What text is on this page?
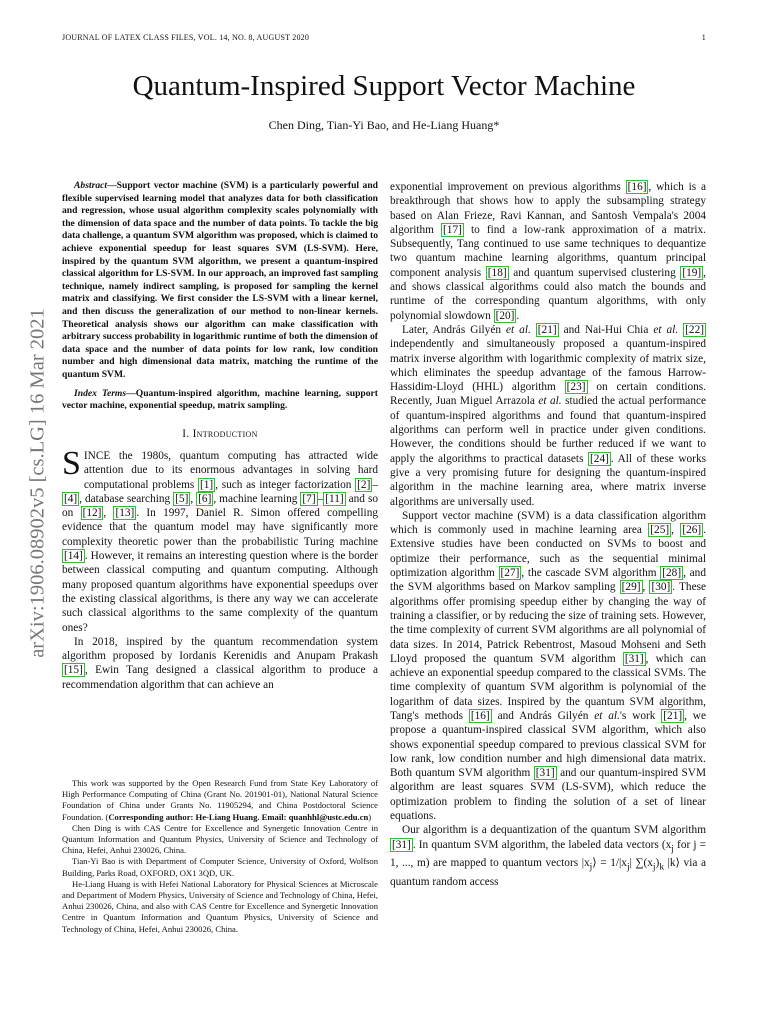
JOURNAL OF LATEX CLASS FILES, VOL. 14, NO. 8, AUGUST 2020	1
arXiv:1906.08902v5 [cs.LG] 16 Mar 2021
Quantum-Inspired Support Vector Machine
Chen Ding, Tian-Yi Bao, and He-Liang Huang*

Abstract—Support vector machine (SVM) is a particularly powerful and flexible supervised learning model that analyzes data for both classification and regression, whose usual algorithm complexity scales polynomially with the dimension of data space and the number of data points. To tackle the big data challenge, a quantum SVM algorithm was proposed, which is claimed to achieve exponential speedup for least squares SVM (LS-SVM). Here, inspired by the quantum SVM algorithm, we present a quantum-inspired classical algorithm for LS-SVM. In our approach, an improved fast sampling technique, namely indirect sampling, is proposed for sampling the kernel matrix and classifying. We first consider the LS-SVM with a linear kernel, and then discuss the generalization of our method to non-linear kernels. Theoretical analysis shows our algorithm can make classification with arbitrary success probability in logarithmic runtime of both the dimension of data space and the number of data points for low rank, low condition number and high dimensional data matrix, matching the runtime of the quantum SVM.

Index Terms—Quantum-inspired algorithm, machine learning, support vector machine, exponential speedup, matrix sampling.

I. Introduction

SINCE the 1980s, quantum computing has attracted wide attention due to its enormous advantages in solving hard computational problems [1] , such as integer factorization [2] –[4] , database searching [5] , [6] , machine learning [7] – [11] and so on [12] , [13] . In 1997, Daniel R. Simon offered compelling evidence that the quantum model may have significantly more complexity theoretic power than the probabilistic Turing machine [14] . However, it remains an interesting question where is the border between classical computing and quantum computing. Although many proposed quantum algorithms have exponential speedups over the existing classical algorithms, is there any way we can accelerate such classical algorithms to the same complexity of the quantum ones?

In 2018, inspired by the quantum recommendation system algorithm proposed by Iordanis Kerenidis and Anupam Prakash [15] , Ewin Tang designed a classical algorithm to produce a recommendation algorithm that can achieve an

This work was supported by the Open Research Fund from State Key Laboratory of High Performance Computing of China (Grant No. 201901-01), National Natural Science Foundation of China under Grants No. 11905294, and China Postdoctoral Science Foundation. (Corresponding author: He-Liang Huang. Email: quanhhl@ustc.edu.cn)

Chen Ding is with CAS Centre for Excellence and Synergetic Innovation Centre in Quantum Information and Quantum Physics, University of Science and Technology of China, Hefei, Anhui 230026, China.

Tian-Yi Bao is with Department of Computer Science, University of Oxford, Wolfson Building, Parks Road, OXFORD, OX1 3QD, UK.

He-Liang Huang is with Hefei National Laboratory for Physical Sciences at Microscale and Department of Modern Physics, University of Science and Technology of China, Hefei, Anhui 230026, China, and also with CAS Centre for Excellence and Synergetic Innovation Centre in Quantum Information and Quantum Physics, University of Science and Technology of China, Hefei, Anhui 230026, China.

exponential improvement on previous algorithms [16] , which is a breakthrough that shows how to apply the subsampling strategy based on Alan Frieze, Ravi Kannan, and Santosh Vempala's 2004 algorithm [17] to find a low-rank approximation of a matrix. Subsequently, Tang continued to use same techniques to dequantize two quantum machine learning algorithms, quantum principal component analysis [18] and quantum supervised clustering [19] , and shows classical algorithms could also match the bounds and runtime of the corresponding quantum algorithms, with only polynomial slowdown [20] .

Later, András Gilyén et al. [21] and Nai-Hui Chia et al. [22] independently and simultaneously proposed a quantum-inspired matrix inverse algorithm with logarithmic complexity of matrix size, which eliminates the speedup advantage of the famous Harrow-Hassidim-Lloyd (HHL) algorithm [23] on certain conditions. Recently, Juan Miguel Arrazola et al. studied the actual performance of quantum-inspired algorithms and found that quantum-inspired algorithms can perform well in practice under given conditions. However, the conditions should be further reduced if we want to apply the algorithms to practical datasets [24] . All of these works give a very promising future for designing the quantum-inspired algorithm in the machine learning area, where matrix inverse algorithms are universally used.

Support vector machine (SVM) is a data classification algorithm which is commonly used in machine learning area [25] , [26] . Extensive studies have been conducted on SVMs to boost and optimize their performance, such as the sequential minimal optimization algorithm [27] , the cascade SVM algorithm [28] , and the SVM algorithms based on Markov sampling [29] , [30] . These algorithms offer promising speedup either by changing the way of training a classifier, or by reducing the size of training sets. However, the time complexity of current SVM algorithms are all polynomial of data sizes. In 2014, Patrick Rebentrost, Masoud Mohseni and Seth Lloyd proposed the quantum SVM algorithm [31] , which can achieve an exponential speedup compared to the classical SVMs. The time complexity of quantum SVM algorithm is polynomial of the logarithm of data sizes. Inspired by the quantum SVM algorithm, Tang's methods [16] and András Gilyén et al.'s work [21] , we propose a quantum-inspired classical SVM algorithm, which also shows exponential speedup compared to previous classical SVM for low rank, low condition number and high dimensional data matrix. Both quantum SVM algorithm [31] and our quantum-inspired SVM algorithm are least squares SVM (LS-SVM), which reduce the optimization problem to finding the solution of a set of linear equations.

Our algorithm is a dequantization of the quantum SVM algorithm [31] . In quantum SVM algorithm, the labeled data vectors ($x_j$ for j = 1, ..., m) are mapped to quantum vectors $|x_j⟩ = 1/|x_j|$ $\sum(x_j)_k$ |k⟩ via a quantum random access
